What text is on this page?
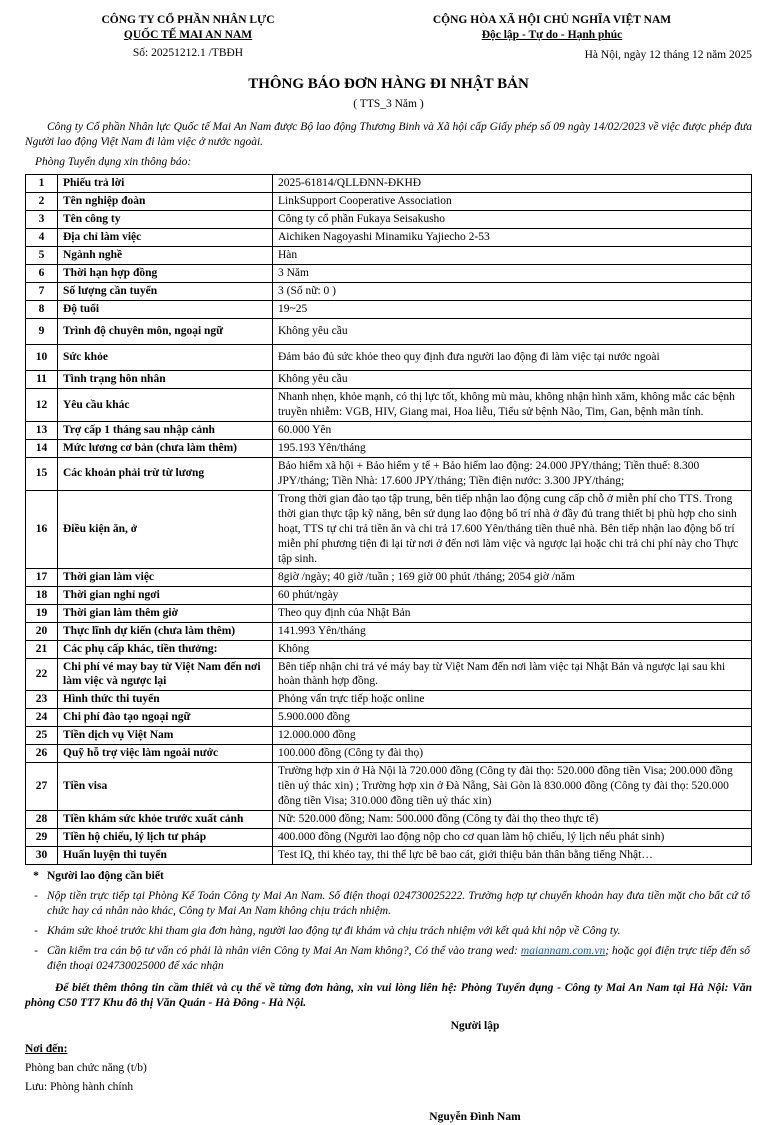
CÔNG TY CỔ PHẦN NHÂN LỰC
QUỐC TẾ MAI AN NAM
Số: 20251212.1 /TBĐH
CỘNG HÒA XÃ HỘI CHỦ NGHĨA VIỆT NAM
Độc lập - Tự do - Hạnh phúc
Hà Nội, ngày 12 tháng 12 năm 2025
THÔNG BÁO ĐƠN HÀNG ĐI NHẬT BẢN
( TTS_3 Năm )
Công ty Cổ phần Nhân lực Quốc tế Mai An Nam được Bộ lao động Thương Binh và Xã hội cấp Giấy phép số 09 ngày 14/02/2023 về việc được phép đưa Người lao động Việt Nam đi làm việc ở nước ngoài.
Phòng Tuyển dụng xin thông báo:
1	Phiếu trả lời	2025-61814/QLLĐNN-ĐKHĐ
2	Tên nghiệp đoàn	LinkSupport Cooperative Association
3	Tên công ty	Công ty cổ phần Fukaya Seisakusho
4	Địa chỉ làm việc	Aichiken Nagoyashi Minamiku Yajiecho 2-53
5	Ngành nghề	Hàn
6	Thời hạn hợp đồng	3 Năm
7	Số lượng cần tuyển	3 (Số nữ: 0 )
8	Độ tuổi	19~25
9	Trình độ chuyên môn, ngoại ngữ	Không yêu cầu
10	Sức khỏe	Đảm bảo đủ sức khỏe theo quy định đưa người lao động đi làm việc tại nước ngoài
11	Tình trạng hôn nhân	Không yêu cầu
12	Yêu cầu khác	Nhanh nhẹn, khỏe mạnh, có thị lực tốt, không mù màu, không nhận hình xăm, không mắc các bệnh truyền nhiễm: VGB, HIV, Giang mai, Hoa liễu, Tiểu sử bệnh Não, Tim, Gan, bệnh mãn tính.
13	Trợ cấp 1 tháng sau nhập cảnh	60.000 Yên
14	Mức lương cơ bản (chưa làm thêm)	195.193 Yên/tháng
15	Các khoản phải trừ từ lương	Bảo hiểm xã hội + Bảo hiểm y tế + Bảo hiểm lao động: 24.000 JPY/tháng; Tiền thuế: 8.300 JPY/tháng; Tiền Nhà: 17.600 JPY/tháng; Tiền điện nước: 3.300 JPY/tháng;
16	Điều kiện ăn, ở	Trong thời gian đào tạo tập trung, bên tiếp nhận lao động cung cấp chỗ ở miễn phí cho TTS. Trong thời gian thực tập kỹ năng, bên sử dụng lao động bố trí nhà ở đầy đủ trang thiết bị phù hợp cho sinh hoạt, TTS tự chi trả tiền ăn và chi trả 17.600 Yên/tháng tiền thuê nhà. Bên tiếp nhận lao động bố trí miễn phí phương tiện đi lại từ nơi ở đến nơi làm việc và ngược lại hoặc chi trả chi phí này cho Thực tập sinh.
17	Thời gian làm việc	8giờ /ngày; 40 giờ /tuần ; 169 giờ 00 phút /tháng; 2054 giờ /năm
18	Thời gian nghỉ ngơi	60 phút/ngày
19	Thời gian làm thêm giờ	Theo quy định của Nhật Bản
20	Thực lĩnh dự kiến (chưa làm thêm)	141.993 Yên/tháng
21	Các phụ cấp khác, tiền thưởng:	Không
22	Chi phí vé may bay từ Việt Nam đến nơi làm việc và ngược lại	Bên tiếp nhận chi trả vé máy bay từ Việt Nam đến nơi làm việc tại Nhật Bản và ngược lại sau khi hoàn thành hợp đồng.
23	Hình thức thi tuyển	Phỏng vấn trực tiếp hoặc online
24	Chi phí đào tạo ngoại ngữ	5.900.000 đồng
25	Tiền dịch vụ Việt Nam	12.000.000 đồng
26	Quỹ hỗ trợ việc làm ngoài nước	100.000 đồng (Công ty đài thọ)
27	Tiền visa	Trường hợp xin ở Hà Nội là 720.000 đồng (Công ty đài thọ: 520.000 đồng tiền Visa; 200.000 đồng tiền uỷ thác xin) ; Trường hợp xin ở Đà Nẵng, Sài Gòn là 830.000 đồng (Công ty đài thọ: 520.000 đồng tiền Visa; 310.000 đồng tiền uỷ thác xin)
28	Tiền khám sức khỏe trước xuất cảnh	Nữ: 520.000 đồng; Nam: 500.000 đồng (Công ty đài thọ theo thực tế)
29	Tiền hộ chiếu, lý lịch tư pháp	400.000 đồng (Người lao động nộp cho cơ quan làm hộ chiếu, lý lịch nếu phát sinh)
30	Huấn luyện thi tuyển	Test IQ, thi khéo tay, thi thể lực bê bao cát, giới thiệu bản thân bằng tiếng Nhật…
* Người lao động cần biết
- Nộp tiền trực tiếp tại Phòng Kế Toán Công ty Mai An Nam. Số điện thoại 024730025222. Trường hợp tự chuyển khoản hay đưa tiền mặt cho bất cứ tổ chức hay cá nhân nào khác, Công ty Mai An Nam không chịu trách nhiệm.
- Khám sức khoẻ trước khi tham gia đơn hàng, người lao động tự đi khám và chịu trách nhiệm với kết quả khi nộp về Công ty.
- Cần kiểm tra cán bộ tư vấn có phải là nhân viên Công ty Mai An Nam không?, Có thể vào trang wed: maiannam.com.vn; hoặc gọi điện trực tiếp đến số điện thoại 024730025000 để xác nhận
Để biết thêm thông tin cầm thiết và cụ thể về từng đơn hàng, xin vui lòng liên hệ: Phòng Tuyển dụng - Công ty Mai An Nam tại Hà Nội: Văn phòng C50 TT7 Khu đô thị Văn Quán - Hà Đông - Hà Nội.
Người lập
Nơi đến:
Phòng ban chức năng (t/b)
Lưu: Phòng hành chính
Nguyễn Đình Nam
